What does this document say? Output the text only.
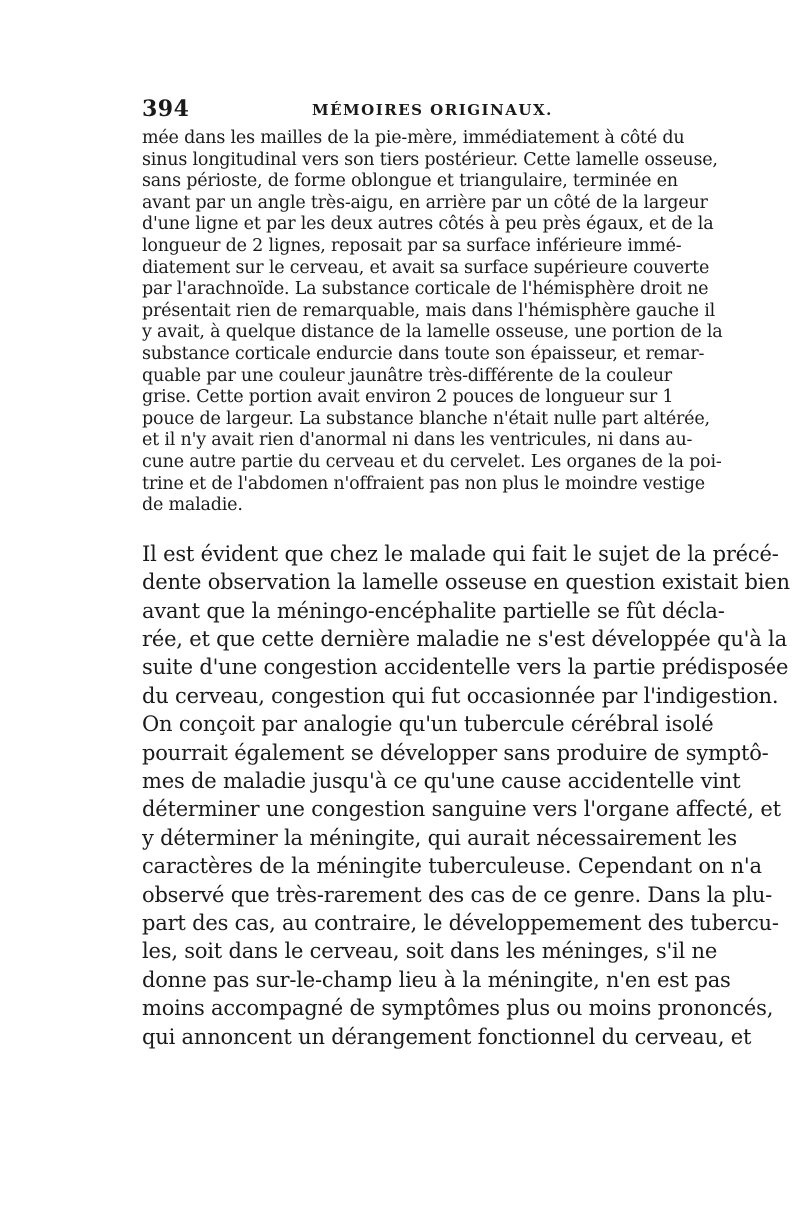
394	MÉMOIRES ORIGINAUX.

mée dans les mailles de la pie-mère, immédiatement à côté du
sinus longitudinal vers son tiers postérieur. Cette lamelle osseuse,
sans périoste, de forme oblongue et triangulaire, terminée en
avant par un angle très-aigu, en arrière par un côté de la largeur
d'une ligne et par les deux autres côtés à peu près égaux, et de la
longueur de 2 lignes, reposait par sa surface inférieure immé-
diatement sur le cerveau, et avait sa surface supérieure couverte
par l'arachnoïde. La substance corticale de l'hémisphère droit ne
présentait rien de remarquable, mais dans l'hémisphère gauche il
y avait, à quelque distance de la lamelle osseuse, une portion de la
substance corticale endurcie dans toute son épaisseur, et remar-
quable par une couleur jaunâtre très-différente de la couleur
grise. Cette portion avait environ 2 pouces de longueur sur 1
pouce de largeur. La substance blanche n'était nulle part altérée,
et il n'y avait rien d'anormal ni dans les ventricules, ni dans au-
cune autre partie du cerveau et du cervelet. Les organes de la poi-
trine et de l'abdomen n'offraient pas non plus le moindre vestige
de maladie.

Il est évident que chez le malade qui fait le sujet de la précé-
dente observation la lamelle osseuse en question existait bien
avant que la méningo-encéphalite partielle se fût décla-
rée, et que cette dernière maladie ne s'est développée qu'à la
suite d'une congestion accidentelle vers la partie prédisposée
du cerveau, congestion qui fut occasionnée par l'indigestion.
On conçoit par analogie qu'un tubercule cérébral isolé
pourrait également se développer sans produire de symptô-
mes de maladie jusqu'à ce qu'une cause accidentelle vint
déterminer une congestion sanguine vers l'organe affecté, et
y déterminer la méningite, qui aurait nécessairement les
caractères de la méningite tuberculeuse. Cependant on n'a
observé que très-rarement des cas de ce genre. Dans la plu-
part des cas, au contraire, le développemement des tubercu-
les, soit dans le cerveau, soit dans les méninges, s'il ne
donne pas sur-le-champ lieu à la méningite, n'en est pas
moins accompagné de symptômes plus ou moins prononcés,
qui annoncent un dérangement fonctionnel du cerveau, et
